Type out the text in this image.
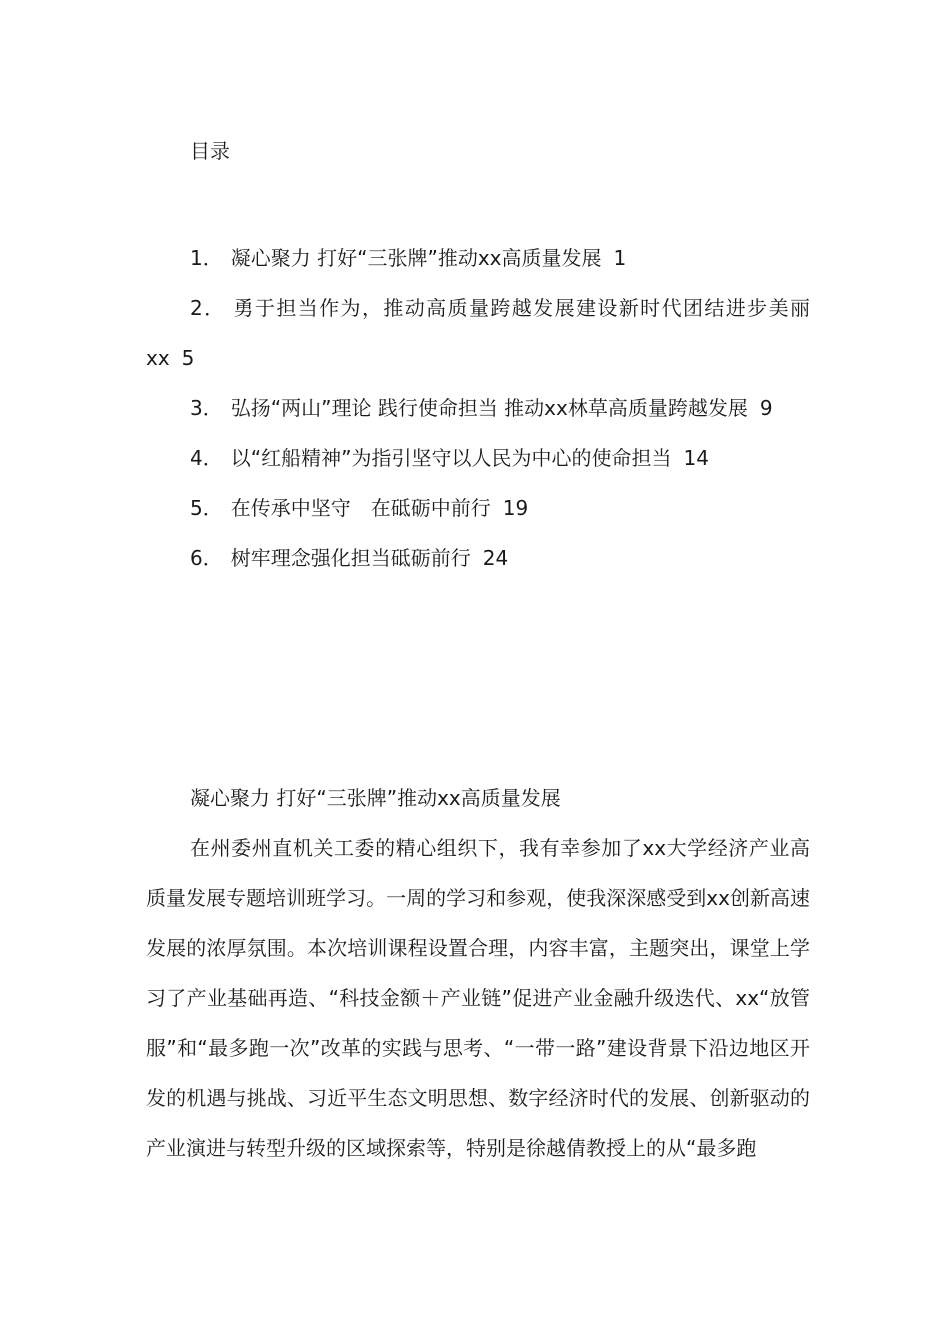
目录
1． 凝心聚力 打好“三张牌”推动xx高质量发展 1
2． 勇于担当作为，推动高质量跨越发展建设新时代团结进步美丽xx 5
3． 弘扬“两山”理论 践行使命担当 推动xx林草高质量跨越发展 9
4． 以“红船精神”为指引坚守以人民为中心的使命担当 14
5． 在传承中坚守　在砥砺中前行 19
6． 树牢理念强化担当砥砺前行 24
凝心聚力 打好“三张牌”推动xx高质量发展

在州委州直机关工委的精心组织下，我有幸参加了xx大学经济产业高质量发展专题培训班学习。一周的学习和参观，使我深深感受到xx创新高速发展的浓厚氛围。本次培训课程设置合理，内容丰富，主题突出，课堂上学习了产业基础再造、“科技金额＋产业链”促进产业金融升级迭代、xx“放管服”和“最多跑一次”改革的实践与思考、“一带一路”建设背景下沿边地区开发的机遇与挑战、习近平生态文明思想、数字经济时代的发展、创新驱动的产业演进与转型升级的区域探索等，特别是徐越倩教授上的从“最多跑
